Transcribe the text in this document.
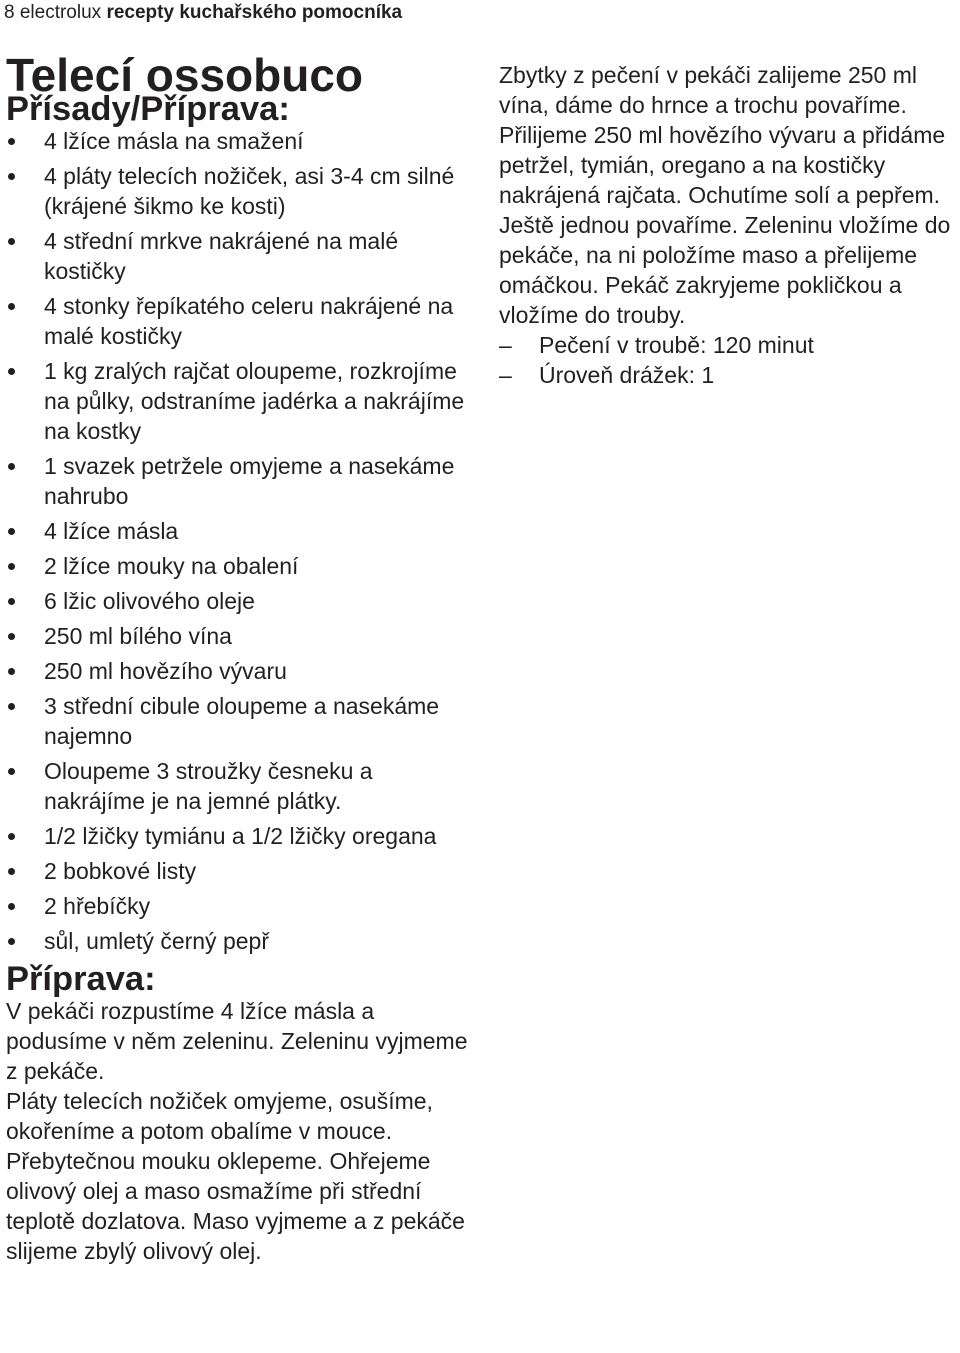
8 electrolux recepty kuchařského pomocníka
Telecí ossobuco
Přísady/Příprava:
4 lžíce másla na smažení
4 pláty telecích nožiček, asi 3-4 cm silné (krájené šikmo ke kosti)
4 střední mrkve nakrájené na malé kostičky
4 stonky řepíkatého celeru nakrájené na malé kostičky
1 kg zralých rajčat oloupeme, rozkrojíme na půlky, odstraníme jadérka a nakrájíme na kostky
1 svazek petržele omyjeme a nasekáme nahrubo
4 lžíce másla
2 lžíce mouky na obalení
6 lžic olivového oleje
250 ml bílého vína
250 ml hovězího vývaru
3 střední cibule oloupeme a nasekáme najemno
Oloupeme 3 stroužky česneku a nakrájíme je na jemné plátky.
1/2 lžičky tymiánu a 1/2 lžičky oregana
2 bobkové listy
2 hřebíčky
sůl, umletý černý pepř
Příprava:

V pekáči rozpustíme 4 lžíce másla a podusíme v něm zeleninu. Zeleninu vyjmeme z pekáče.

Pláty telecích nožiček omyjeme, osušíme, okořeníme a potom obalíme v mouce. Přebytečnou mouku oklepeme. Ohřejeme olivový olej a maso osmažíme při střední teplotě dozlatova. Maso vyjmeme a z pekáče slijeme zbylý olivový olej.

Zbytky z pečení v pekáči zalijeme 250 ml vína, dáme do hrnce a trochu povaříme. Přilijeme 250 ml hovězího vývaru a přidáme petržel, tymián, oregano a na kostičky nakrájená rajčata. Ochutíme solí a pepřem. Ještě jednou povaříme. Zeleninu vložíme do pekáče, na ni položíme maso a přelijeme omáčkou. Pekáč zakryjeme pokličkou a vložíme do trouby.

– Pečení v troubě: 120 minut
– Úroveň drážek: 1
